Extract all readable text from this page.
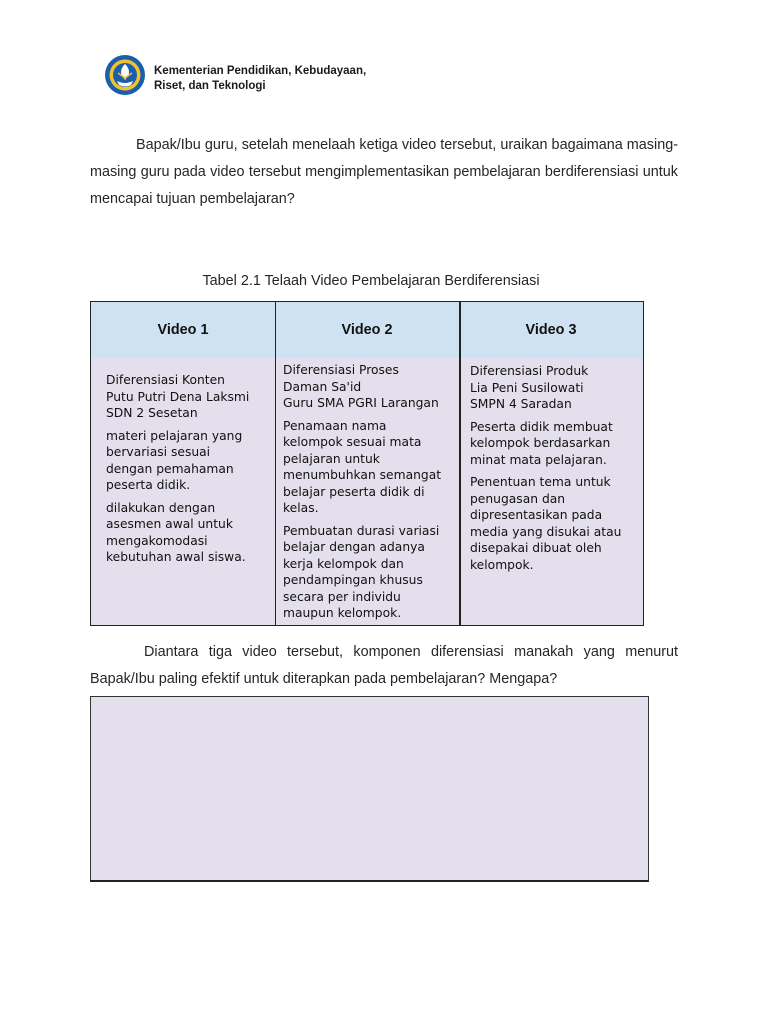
Kementerian Pendidikan, Kebudayaan,
Riset, dan Teknologi

Bapak/Ibu guru, setelah menelaah ketiga video tersebut, uraikan bagaimana masing-masing guru pada video tersebut mengimplementasikan pembelajaran berdiferensiasi untuk mencapai tujuan pembelajaran?

Tabel 2.1 Telaah Video Pembelajaran Berdiferensiasi
Video 1	Video 2	Video 3
Diferensiasi Konten
Putu Putri Dena Laksmi
SDN 2 Sesetan
materi pelajaran yang
bervariasi sesuai
dengan pemahaman
peserta didik.
dilakukan dengan
asesmen awal untuk
mengakomodasi
kebutuhan awal siswa.
Diferensiasi Proses
Daman Sa'id
Guru SMA PGRI Larangan
Penamaan nama
kelompok sesuai mata
pelajaran untuk
menumbuhkan semangat
belajar peserta didik di
kelas.
Pembuatan durasi variasi
belajar dengan adanya
kerja kelompok dan
pendampingan khusus
secara per individu
maupun kelompok.
Diferensiasi Produk
Lia Peni Susilowati
SMPN 4 Saradan
Peserta didik membuat
kelompok berdasarkan
minat mata pelajaran.
Penentuan tema untuk
penugasan dan
dipresentasikan pada
media yang disukai atau
disepakai dibuat oleh
kelompok.

Diantara tiga video tersebut, komponen diferensiasi manakah yang menurut Bapak/Ibu paling efektif untuk diterapkan pada pembelajaran? Mengapa?
